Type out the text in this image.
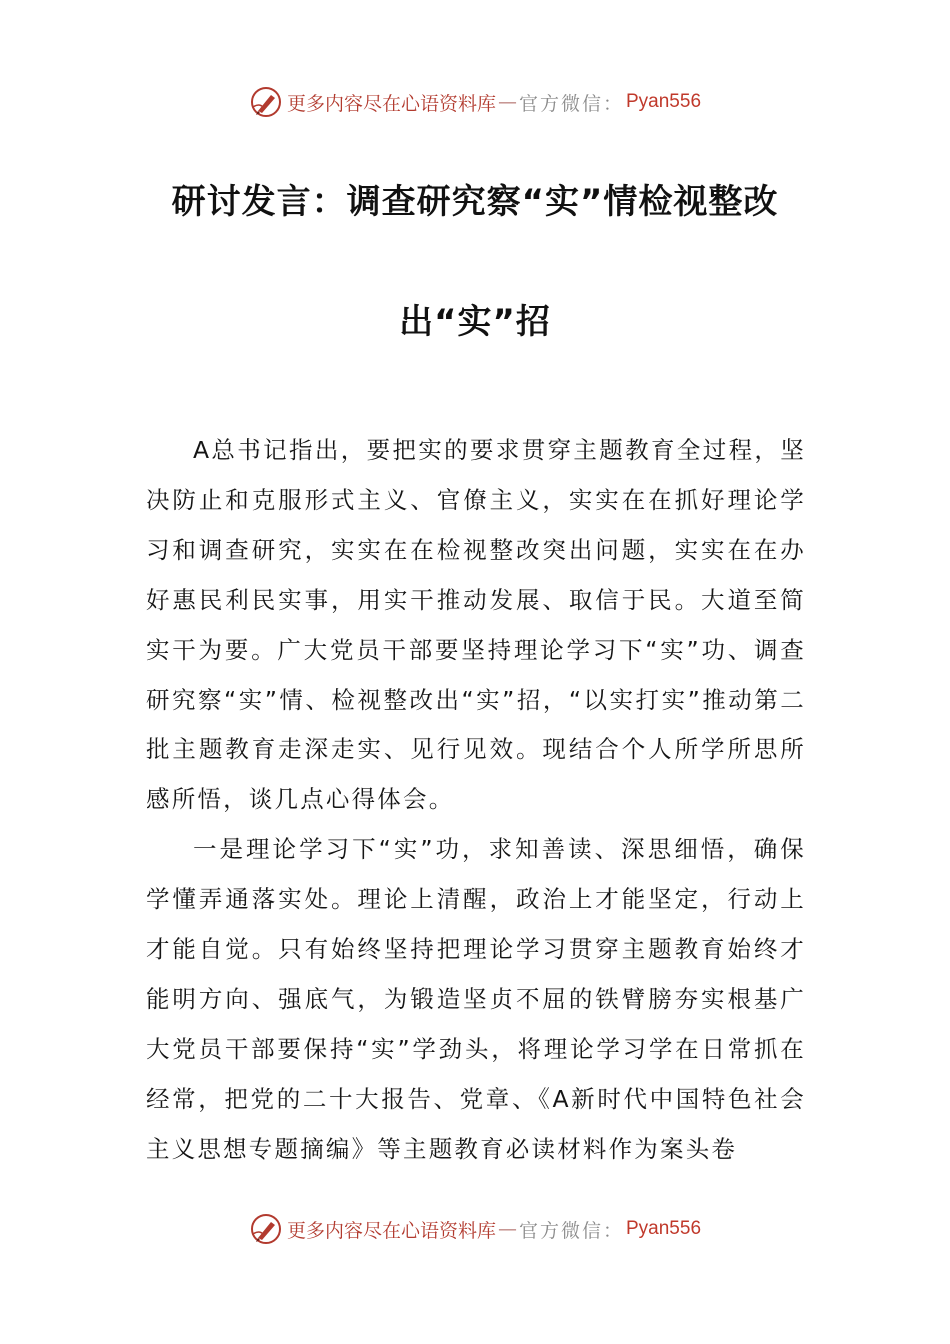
更多内容尽在心语资料库 — 官方微信： Pyan556
研讨发言：调查研究察“实”情检视整改
出“实”招

A总书记指出，要把实的要求贯穿主题教育全过程，坚决防止和克服形式主义、官僚主义，实实在在抓好理论学习和调查研究，实实在在检视整改突出问题，实实在在办好惠民利民实事，用实干推动发展、取信于民。大道至简实干为要。广大党员干部要坚持理论学习下“实”功、调查研究察“实”情、检视整改出“实”招，“以实打实”推动第二批主题教育走深走实、见行见效。现结合个人所学所思所感所悟，谈几点心得体会。

一是理论学习下“实”功，求知善读、深思细悟，确保学懂弄通落实处。理论上清醒，政治上才能坚定，行动上才能自觉。只有始终坚持把理论学习贯穿主题教育始终才能明方向、强底气，为锻造坚贞不屈的铁臂膀夯实根基广大党员干部要保持“实”学劲头，将理论学习学在日常抓在经常，把党的二十大报告、党章、《A新时代中国特色社会主义思想专题摘编》等主题教育必读材料作为案头卷

更多内容尽在心语资料库 — 官方微信： Pyan556
